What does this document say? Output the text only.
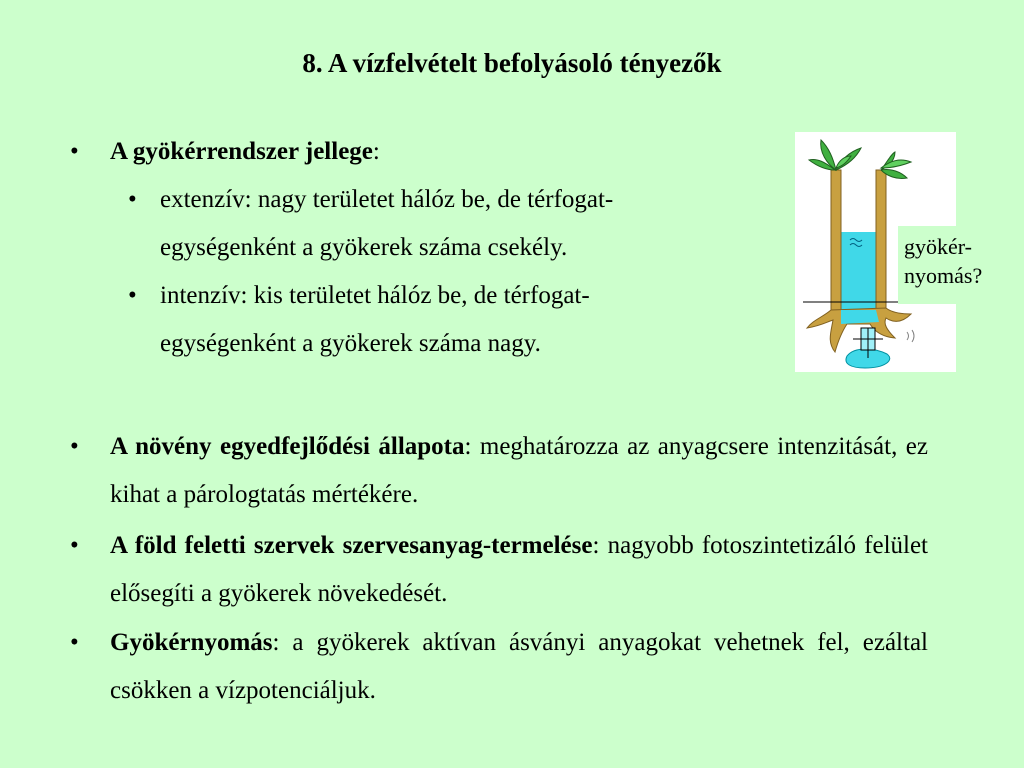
8. A vízfelvételt befolyásoló tényezők
• A gyökérrendszer jellege:
• extenzív: nagy területet hálóz be, de térfogat-
egységenként a gyökerek száma csekély.
• intenzív: kis területet hálóz be, de térfogat-
egységenként a gyökerek száma nagy.
• A növény egyedfejlődési állapota: meghatározza az anyagcsere intenzitását, ez kihat a párologtatás mértékére.
• A föld feletti szervek szervesanyag-termelése: nagyobb fotoszintetizáló felület elősegíti a gyökerek növekedését.
• Gyökérnyomás: a gyökerek aktívan ásványi anyagokat vehetnek fel, ezáltal csökken a vízpotenciáljuk.
gyökér-
nyomás?
